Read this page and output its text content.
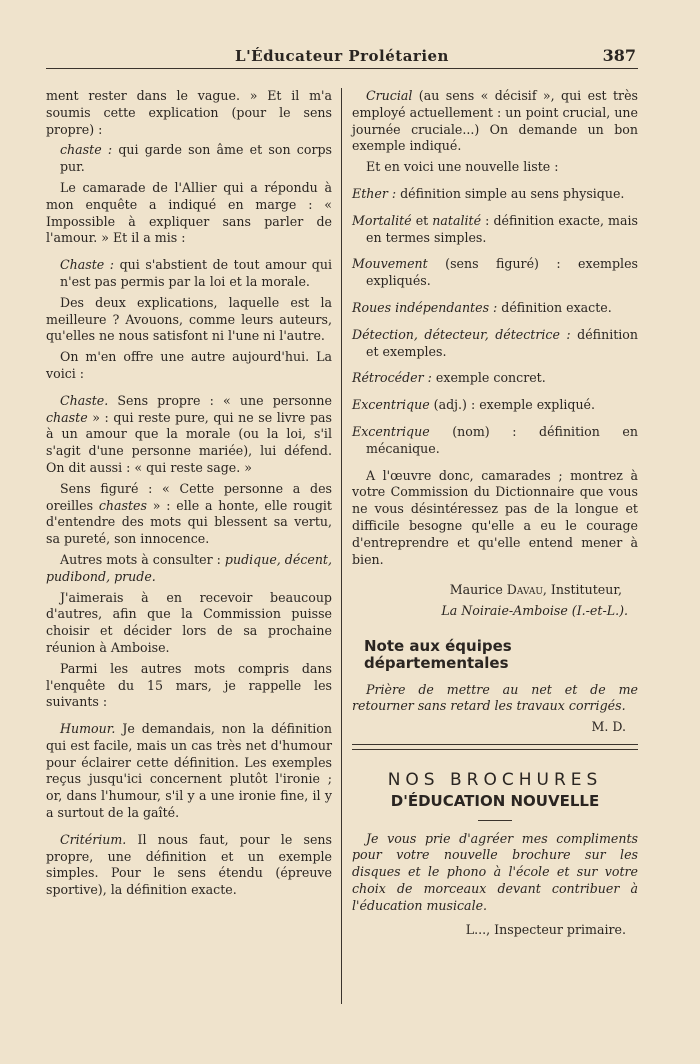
L'Éducateur Prolétarien	387

ment rester dans le vague. » Et il m'a soumis cette explication (pour le sens propre) :

chaste : qui garde son âme et son corps pur.

Le camarade de l'Allier qui a répondu à mon enquête a indiqué en marge : « Impossible à expliquer sans parler de l'amour. » Et il a mis :

Chaste : qui s'abstient de tout amour qui n'est pas permis par la loi et la morale.

Des deux explications, laquelle est la meilleure ? Avouons, comme leurs auteurs, qu'elles ne nous satisfont ni l'une ni l'autre.

On m'en offre une autre aujourd'hui. La voici :

Chaste. Sens propre : « une personne chaste » : qui reste pure, qui ne se livre pas à un amour que la morale (ou la loi, s'il s'agit d'une personne mariée), lui défend. On dit aussi : « qui reste sage. »

Sens figuré : « Cette personne a des oreilles chastes » : elle a honte, elle rougit d'entendre des mots qui blessent sa vertu, sa pureté, son innocence.

Autres mots à consulter : pudique, décent, pudibond, prude.

J'aimerais à en recevoir beaucoup d'autres, afin que la Commission puisse choisir et décider lors de sa prochaine réunion à Amboise.

Parmi les autres mots compris dans l'enquête du 15 mars, je rappelle les suivants :

Humour. Je demandais, non la définition qui est facile, mais un cas très net d'humour pour éclairer cette définition. Les exemples reçus jusqu'ici concernent plutôt l'ironie ; or, dans l'humour, s'il y a une ironie fine, il y a surtout de la gaîté.

Critérium. Il nous faut, pour le sens propre, une définition et un exemple simples. Pour le sens étendu (épreuve sportive), la définition exacte.

Crucial (au sens « décisif », qui est très employé actuellement : un point crucial, une journée cruciale...) On demande un bon exemple indiqué.

Et en voici une nouvelle liste :

Ether : définition simple au sens physique.

Mortalité et natalité : définition exacte, mais en termes simples.

Mouvement (sens figuré) : exemples expliqués.

Roues indépendantes : définition exacte.

Détection, détecteur, détectrice : définition et exemples.

Rétrocéder : exemple concret.

Excentrique (adj.) : exemple expliqué.

Excentrique (nom) : définition en mécanique.

A l'œuvre donc, camarades ; montrez à votre Commission du Dictionnaire que vous ne vous désintéressez pas de la longue et difficile besogne qu'elle a eu le courage d'entreprendre et qu'elle entend mener à bien.

Maurice Davau, Instituteur,

La Noiraie-Amboise (I.-et-L.).

Note aux équipes départementales

Prière de mettre au net et de me retourner sans retard les travaux corrigés.

M. D.

NOS BROCHURES
D'ÉDUCATION NOUVELLE

Je vous prie d'agréer mes compliments pour votre nouvelle brochure sur les disques et le phono à l'école et sur votre choix de morceaux devant contribuer à l'éducation musicale.

L..., Inspecteur primaire.
